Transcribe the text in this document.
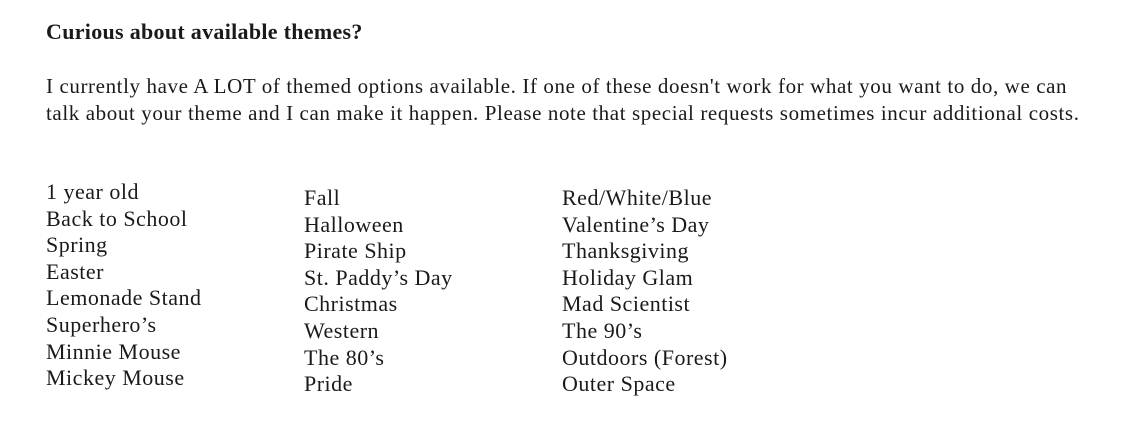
Curious about available themes?

I currently have A LOT of themed options available. If one of these doesn't work for what you want to do, we can talk about your theme and I can make it happen. Please note that special requests sometimes incur additional costs.

1 year old
Back to School
Spring
Easter
Lemonade Stand
Superhero’s
Minnie Mouse
Mickey Mouse
Fall
Halloween
Pirate Ship
St. Paddy’s Day
Christmas
Western
The 80’s
Pride
Red/White/Blue
Valentine’s Day
Thanksgiving
Holiday Glam
Mad Scientist
The 90’s
Outdoors (Forest)
Outer Space
